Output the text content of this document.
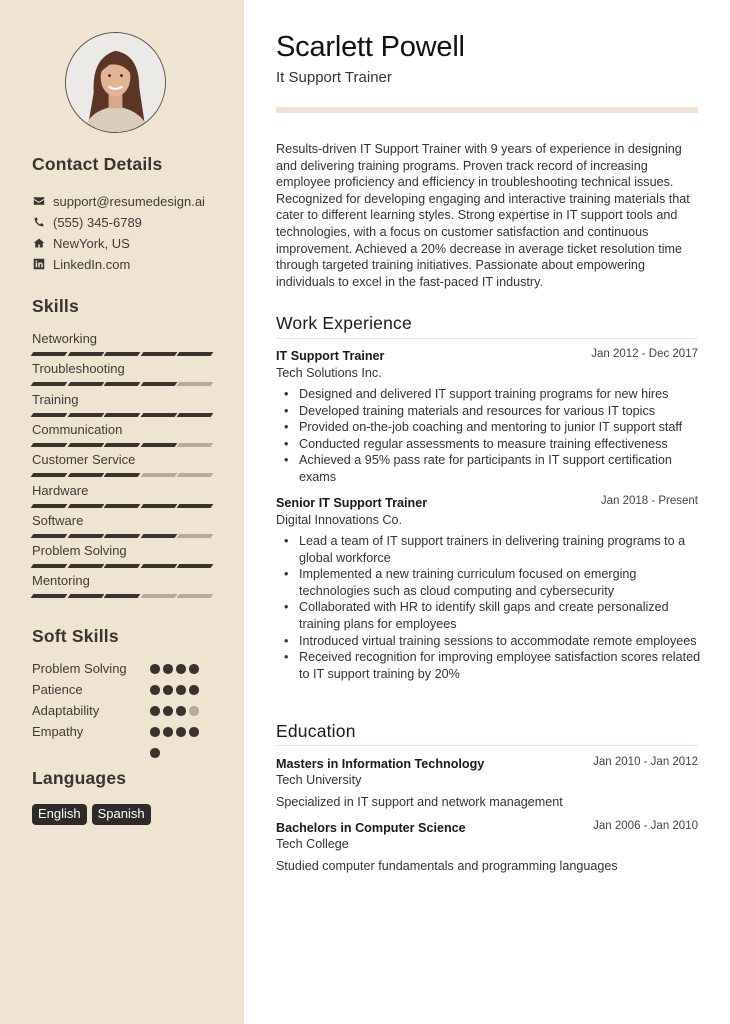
Contact Details
support@resumedesign.ai
(555) 345-6789
NewYork, US
LinkedIn.com
Skills
Networking
Troubleshooting
Training
Communication
Customer Service
Hardware
Software
Problem Solving
Mentoring
Soft Skills
Problem Solving
Patience
Adaptability
Empathy
Languages
English	Spanish
Scarlett Powell
It Support Trainer

Results-driven IT Support Trainer with 9 years of experience in designing and delivering training programs. Proven track record of increasing employee proficiency and efficiency in troubleshooting technical issues. Recognized for developing engaging and interactive training materials that cater to different learning styles. Strong expertise in IT support tools and technologies, with a focus on customer satisfaction and continuous improvement. Achieved a 20% decrease in average ticket resolution time through targeted training initiatives. Passionate about empowering individuals to excel in the fast-paced IT industry.

Work Experience
IT Support Trainer	Jan 2012 - Dec 2017
Tech Solutions Inc.
• Designed and delivered IT support training programs for new hires
• Developed training materials and resources for various IT topics
• Provided on-the-job coaching and mentoring to junior IT support staff
• Conducted regular assessments to measure training effectiveness
• Achieved a 95% pass rate for participants in IT support certification exams
Senior IT Support Trainer	Jan 2018 - Present
Digital Innovations Co.
• Lead a team of IT support trainers in delivering training programs to a global workforce
• Implemented a new training curriculum focused on emerging technologies such as cloud computing and cybersecurity
• Collaborated with HR to identify skill gaps and create personalized training plans for employees
• Introduced virtual training sessions to accommodate remote employees
• Received recognition for improving employee satisfaction scores related to IT support training by 20%
Education
Masters in Information Technology	Jan 2010 - Jan 2012
Tech University
Specialized in IT support and network management
Bachelors in Computer Science	Jan 2006 - Jan 2010
Tech College
Studied computer fundamentals and programming languages
